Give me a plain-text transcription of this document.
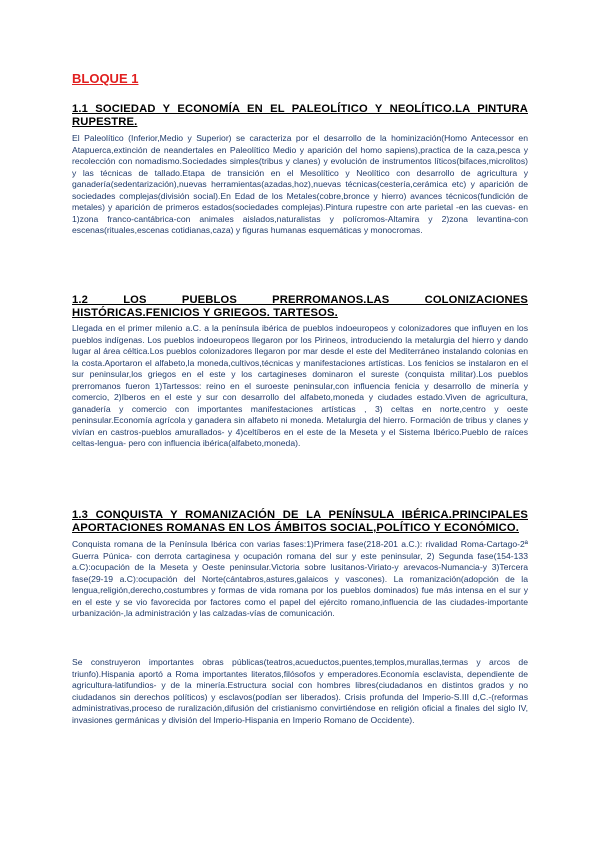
BLOQUE 1
1.1 SOCIEDAD Y ECONOMÍA EN EL PALEOLÍTICO Y NEOLÍTICO.LA PINTURA RUPESTRE.

El Paleolítico (Inferior,Medio y Superior) se caracteriza por el desarrollo de la hominización(Homo Antecessor en Atapuerca,extinción de neandertales en Paleolítico Medio y aparición del homo sapiens),practica de la caza,pesca y recolección con nomadismo.Sociedades simples(tribus y clanes) y evolución de instrumentos líticos(bifaces,microlitos) y las técnicas de tallado.Etapa de transición en el Mesolítico y Neolítico con desarrollo de agricultura y ganadería(sedentarización),nuevas herramientas(azadas,hoz),nuevas técnicas(cestería,cerámica etc) y aparición de sociedades complejas(división social).En Edad de los Metales(cobre,bronce y hierro) avances técnicos(fundición de metales) y aparición de primeros estados(sociedades complejas).Pintura rupestre con arte parietal -en las cuevas- en 1)zona franco-cantábrica-con animales aislados,naturalistas y polícromos-Altamira y 2)zona levantina-con escenas(rituales,escenas cotidianas,caza) y figuras humanas esquemáticas y monocromas.

1.2 LOS PUEBLOS PRERROMANOS.LAS COLONIZACIONES HISTÓRICAS.FENICIOS Y GRIEGOS. TARTESOS.

Llegada en el primer milenio a.C. a la península ibérica de pueblos indoeuropeos y colonizadores que influyen en los pueblos indígenas. Los pueblos indoeuropeos llegaron por los Pirineos, introduciendo la metalurgia del hierro y dando lugar al área céltica.Los pueblos colonizadores llegaron por mar desde el este del Mediterráneo instalando colonias en la costa.Aportaron el alfabeto,la moneda,cultivos,técnicas y manifestaciones artísticas. Los fenicios se instalaron en el sur peninsular,los griegos en el este y los cartagineses dominaron el sureste (conquista militar).Los pueblos prerromanos fueron 1)Tartessos: reino en el suroeste peninsular,con influencia fenicia y desarrollo de minería y comercio, 2)Iberos en el este y sur con desarrollo del alfabeto,moneda y ciudades estado.Viven de agricultura, ganadería y comercio con importantes manifestaciones artísticas , 3) celtas en norte,centro y oeste peninsular.Economía agrícola y ganadera sin alfabeto ni moneda. Metalurgia del hierro. Formación de tribus y clanes y vivían en castros-pueblos amurallados- y 4)celtíberos en el este de la Meseta y el Sistema Ibérico.Pueblo de raíces celtas-lengua- pero con influencia ibérica(alfabeto,moneda).

1.3 CONQUISTA Y ROMANIZACIÓN DE LA PENÍNSULA IBÉRICA.PRINCIPALES APORTACIONES ROMANAS EN LOS ÁMBITOS SOCIAL,POLÍTICO Y ECONÓMICO.

Conquista romana de la Península Ibérica con varias fases:1)Primera fase(218-201 a.C.): rivalidad Roma-Cartago-2ª Guerra Púnica- con derrota cartaginesa y ocupación romana del sur y este peninsular, 2) Segunda fase(154-133 a.C):ocupación de la Meseta y Oeste peninsular.Victoria sobre lusitanos-Viriato-y arevacos-Numancia-y 3)Tercera fase(29-19 a.C):ocupación del Norte(cántabros,astures,galaicos y vascones). La romanización(adopción de la lengua,religión,derecho,costumbres y formas de vida romana por los pueblos dominados) fue más intensa en el sur y en el este y se vio favorecida por factores como el papel del ejército romano,influencia de las ciudades-importante urbanización-,la administración y las calzadas-vías de comunicación.

Se construyeron importantes obras públicas(teatros,acueductos,puentes,templos,murallas,termas y arcos de triunfo).Hispania aportó a Roma importantes literatos,filósofos y emperadores.Economía esclavista, dependiente de agricultura-latifundios- y de la minería.Estructura social con hombres libres(ciudadanos en distintos grados y no ciudadanos sin derechos políticos) y esclavos(podían ser liberados). Crisis profunda del Imperio-S.III d,C.-(reformas administrativas,proceso de ruralización,difusión del cristianismo convirtiéndose en religión oficial a finales del siglo IV, invasiones germánicas y división del Imperio-Hispania en Imperio Romano de Occidente).
